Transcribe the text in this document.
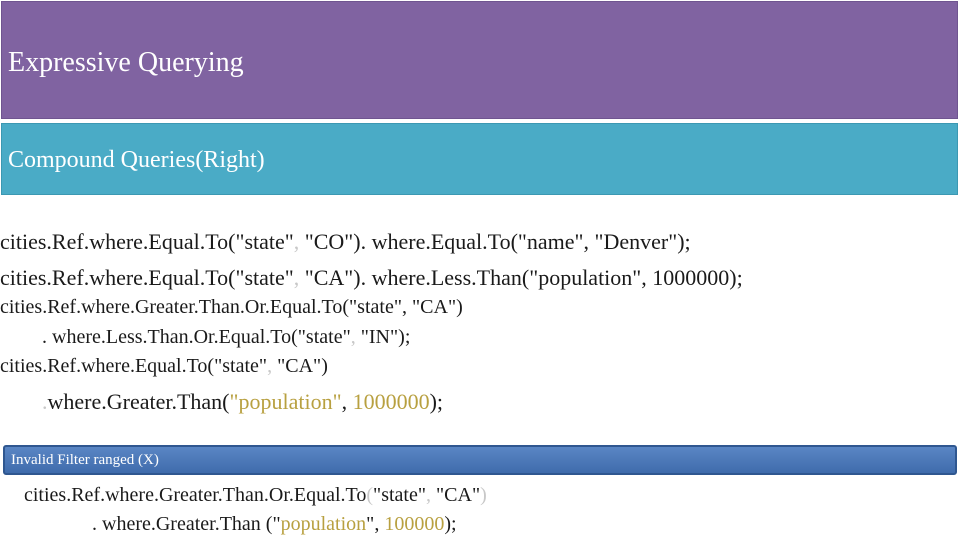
Expressive Querying
Compound Queries(Right)
cities.Ref.where.Equal.To("state", "CO"). where.Equal.To("name", "Denver");
cities.Ref.where.Equal.To("state", "CA"). where.Less.Than("population", 1000000);
cities.Ref.where.Greater.Than.Or.Equal.To("state", "CA")
. where.Less.Than.Or.Equal.To("state", "IN");
cities.Ref.where.Equal.To("state", "CA")
.where.Greater.Than("population", 1000000);
Invalid Filter ranged (X)
cities.Ref.where.Greater.Than.Or.Equal.To("state", "CA")
. where.Greater.Than ("population", 100000);
